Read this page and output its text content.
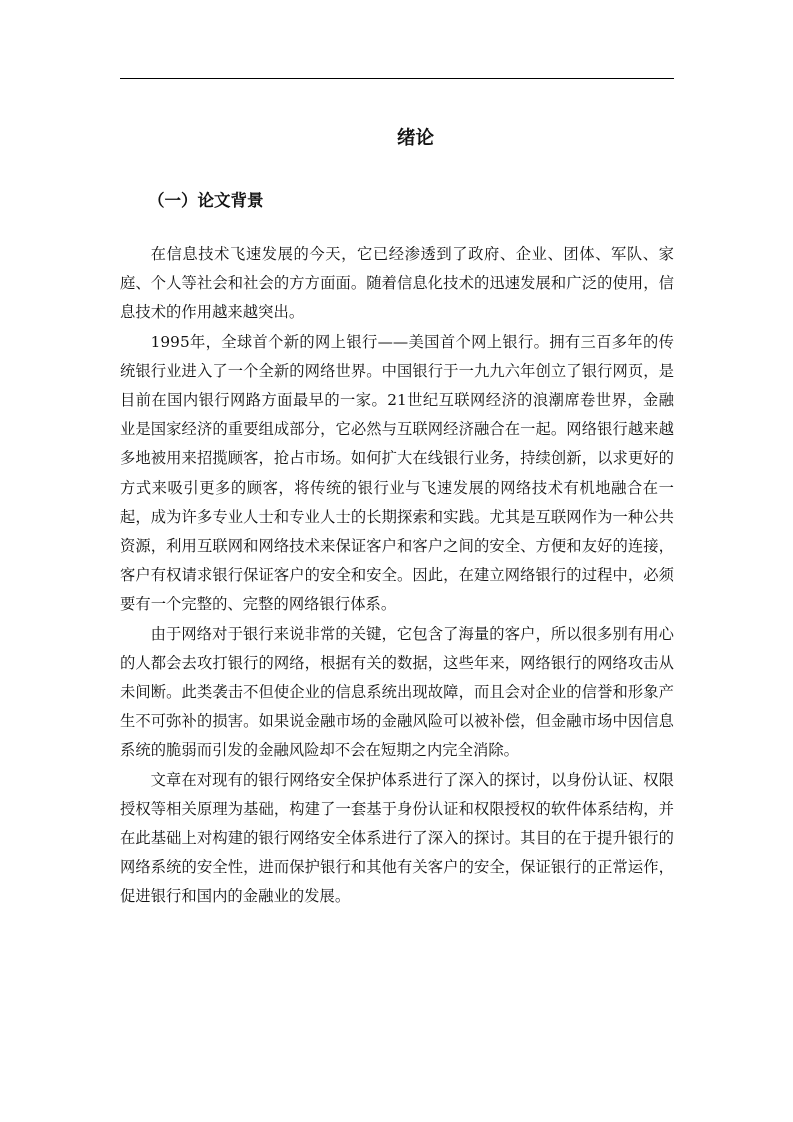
绪论
（一）论文背景

在信息技术飞速发展的今天，它已经渗透到了政府、企业、团体、军队、家庭、个人等社会和社会的方方面面。随着信息化技术的迅速发展和广泛的使用，信息技术的作用越来越突出。

1995年，全球首个新的网上银行——美国首个网上银行。拥有三百多年的传统银行业进入了一个全新的网络世界。中国银行于一九九六年创立了银行网页，是目前在国内银行网路方面最早的一家。21世纪互联网经济的浪潮席卷世界，金融业是国家经济的重要组成部分，它必然与互联网经济融合在一起。网络银行越来越多地被用来招揽顾客，抢占市场。如何扩大在线银行业务，持续创新，以求更好的方式来吸引更多的顾客，将传统的银行业与飞速发展的网络技术有机地融合在一起，成为许多专业人士和专业人士的长期探索和实践。尤其是互联网作为一种公共资源，利用互联网和网络技术来保证客户和客户之间的安全、方便和友好的连接，客户有权请求银行保证客户的安全和安全。因此，在建立网络银行的过程中，必须要有一个完整的、完整的网络银行体系。

由于网络对于银行来说非常的关键，它包含了海量的客户，所以很多别有用心的人都会去攻打银行的网络，根据有关的数据，这些年来，网络银行的网络攻击从未间断。此类袭击不但使企业的信息系统出现故障，而且会对企业的信誉和形象产生不可弥补的损害。如果说金融市场的金融风险可以被补偿，但金融市场中因信息系统的脆弱而引发的金融风险却不会在短期之内完全消除。

文章在对现有的银行网络安全保护体系进行了深入的探讨，以身份认证、权限授权等相关原理为基础，构建了一套基于身份认证和权限授权的软件体系结构，并在此基础上对构建的银行网络安全体系进行了深入的探讨。其目的在于提升银行的网络系统的安全性，进而保护银行和其他有关客户的安全，保证银行的正常运作，促进银行和国内的金融业的发展。
